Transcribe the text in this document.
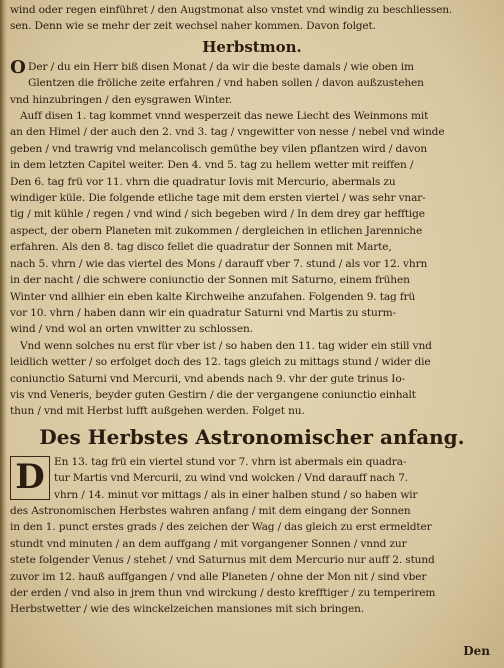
wind oder regen einführet / den Augstmonat also vnstet vnd windig zu beschliessen.
sen. Denn wie se mehr der zeit wechsel naher kommen. Davon folget.
Herbstmon.
O Der / du ein Herr biß disen Monat / da wir die beste damals / wie oben im
Glentzen die fröliche zeite erfahren / vnd haben sollen / davon außzustehen
vnd hinzubringen / den eysgrawen Winter.
Auff disen 1. tag kommet vnnd wesperzeit das newe Liecht des Weinmons mit
an den Himel / der auch den 2. vnd 3. tag / vngewitter von nesse / nebel vnd winde
geben / vnd trawrig vnd melancolisch gemüthe bey vilen pflantzen wird / davon
in dem letzten Capitel weiter. Den 4. vnd 5. tag zu hellem wetter mit reiffen /
Den 6. tag frü vor 11. vhrn die quadratur Iovis mit Mercurio, abermals zu
windiger küle. Die folgende etliche tage mit dem ersten viertel / was sehr vnar-
tig / mit kühle / regen / vnd wind / sich begeben wird / In dem drey gar hefftige
aspect, der obern Planeten mit zukommen / dergleichen in etlichen Jarenniche
erfahren. Als den 8. tag disco fellet die quadratur der Sonnen mit Marte,
nach 5. vhrn / wie das viertel des Mons / darauff vber 7. stund / als vor 12. vhrn
in der nacht / die schwere coniunctio der Sonnen mit Saturno, einem frühen
Winter vnd allhier ein eben kalte Kirchweihe anzufahen. Folgenden 9. tag frü
vor 10. vhrn / haben dann wir ein quadratur Saturni vnd Martis zu sturm-
wind / vnd wol an orten vnwitter zu schlossen.
Vnd wenn solches nu erst für vber ist / so haben den 11. tag wider ein still vnd
leidlich wetter / so erfolget doch des 12. tags gleich zu mittags stund / wider die
coniunctio Saturni vnd Mercurii, vnd abends nach 9. vhr der gute trinus Io-
vis vnd Veneris, beyder guten Gestirn / die der vergangene coniunctio einhalt
thun / vnd mit Herbst lufft außgehen werden. Folget nu.
Des Herbstes Astronomischer anfang.
D En 13. tag frü ein viertel stund vor 7. vhrn ist abermals ein quadra-
tur Martis vnd Mercurii, zu wind vnd wolcken / Vnd darauff nach 7.
vhrn / 14. minut vor mittags / als in einer halben stund / so haben wir
des Astronomischen Herbstes wahren anfang / mit dem eingang der Sonnen
in den 1. punct erstes grads / des zeichen der Wag / das gleich zu erst ermeldter
stundt vnd minuten / an dem auffgang / mit vorgangener Sonnen / vnnd zur
stete folgender Venus / stehet / vnd Saturnus mit dem Mercurio nur auff 2. stund
zuvor im 12. hauß auffgangen / vnd alle Planeten / ohne der Mon nit / sind vber
der erden / vnd also in jrem thun vnd wirckung / desto krefftiger / zu temperirem
Herbstwetter / wie des winckelzeichen mansiones mit sich bringen.
Den
